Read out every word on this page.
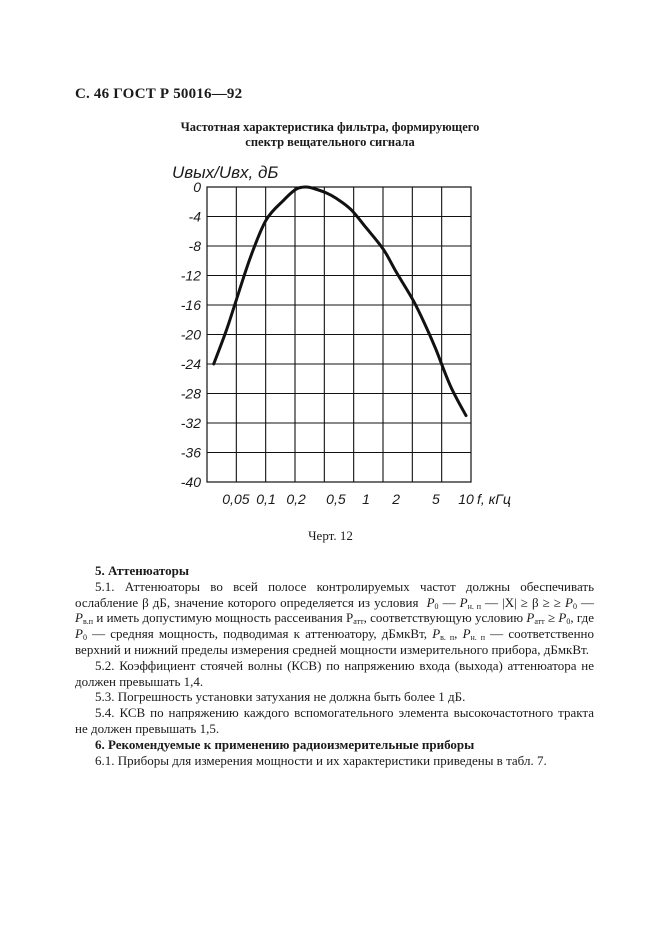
С. 46 ГОСТ Р 50016—92
Частотная характеристика фильтра, формирующего
спектр вещательного сигнала
0
-4
-8
-12
-16
-20
-24
-28
-32
-36
-40
0,05 0,1 0,2 0,5 1 2 5 10 f, кГц
Uвых/Uвх, дБ
Черт. 12

5. Аттенюаторы

5.1. Аттенюаторы во всей полосе контролируемых частот должны обеспечивать ослабление β дБ, значение которого определяется из условия $P_0$ — $P_{н. п}$ — |X| ≥ β ≥ ≥ $P_0$ — $P_{в.п}$ и иметь допустимую мощность рассеивания $P_{атт}$, соответствующую условию $P_{атт} \ge P_0$, где $P_0$ — средняя мощность, подводимая к аттенюатору, дБмкВт, $P_{в. п}$, $P_{н. п}$ — соответственно верхний и нижний пределы измерения средней мощности измерительного прибора, дБмкВт.

5.2. Коэффициент стоячей волны (КСВ) по напряжению входа (выхода) аттенюатора не должен превышать 1,4.

5.3. Погрешность установки затухания не должна быть более 1 дБ.

5.4. КСВ по напряжению каждого вспомогательного элемента высокочастотного тракта не должен превышать 1,5.

6. Рекомендуемые к применению радиоизмерительные приборы

6.1. Приборы для измерения мощности и их характеристики приведены в табл. 7.
